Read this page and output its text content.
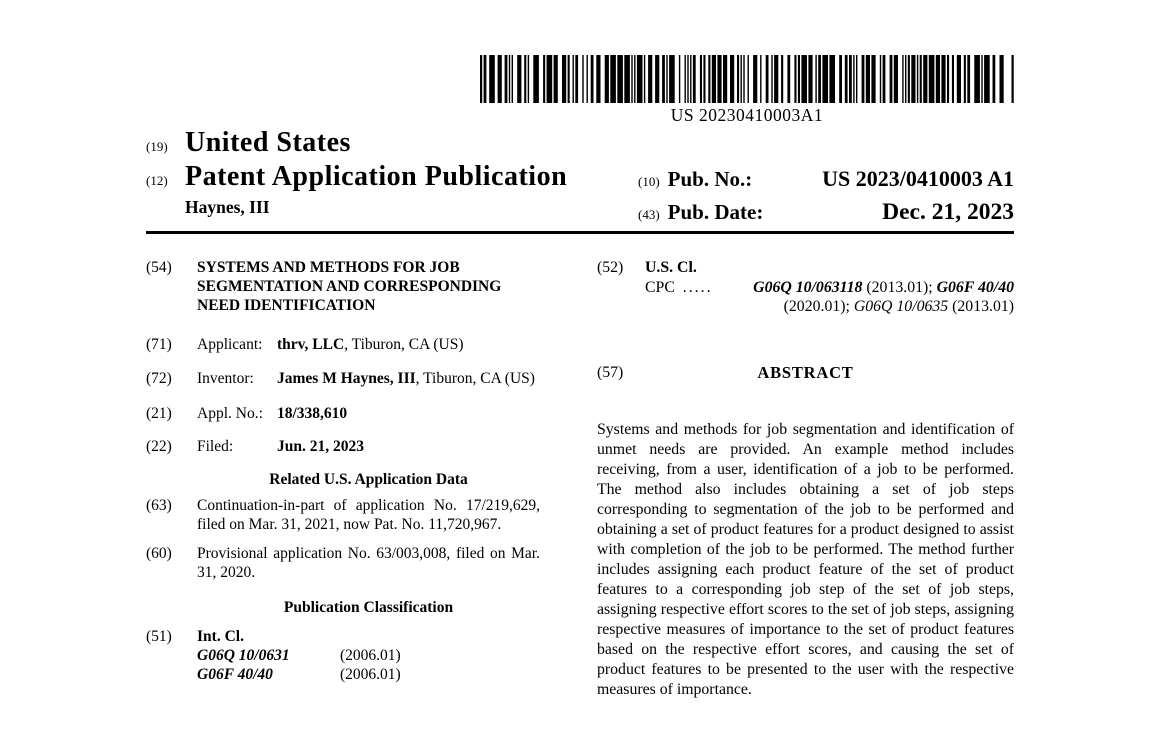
US 20230410003A1
(19) United States
(12) Patent Application Publication
Haynes, III
(10) Pub. No.:	US 2023/0410003 A1
(43) Pub. Date:	Dec. 21, 2023
(54)	SYSTEMS AND METHODS FOR JOB SEGMENTATION AND CORRESPONDING NEED IDENTIFICATION
(71)	Applicant: thrv, LLC, Tiburon, CA (US)
(72)	Inventor:	James M Haynes, III, Tiburon, CA (US)
(21)	Appl. No.: 18/338,610
(22)	Filed:	Jun. 21, 2023
Related U.S. Application Data
(63)	Continuation-in-part of application No. 17/219,629, filed on Mar. 31, 2021, now Pat. No. 11,720,967.
(60)	Provisional application No. 63/003,008, filed on Mar. 31, 2020.
Publication Classification
(51)	Int. Cl.
G06Q 10/0631	(2006.01)
G06F 40/40	(2006.01)
(52)	U.S. Cl.
CPC .....	G06Q 10/063118 (2013.01); G06F 40/40 (2020.01); G06Q 10/0635 (2013.01)
(57)	ABSTRACT

Systems and methods for job segmentation and identification of unmet needs are provided. An example method includes receiving, from a user, identification of a job to be performed. The method also includes obtaining a set of job steps corresponding to segmentation of the job to be performed and obtaining a set of product features for a product designed to assist with completion of the job to be performed. The method further includes assigning each product feature of the set of product features to a corresponding job step of the set of job steps, assigning respective effort scores to the set of job steps, assigning respective measures of importance to the set of product features based on the respective effort scores, and causing the set of product features to be presented to the user with the respective measures of importance.
